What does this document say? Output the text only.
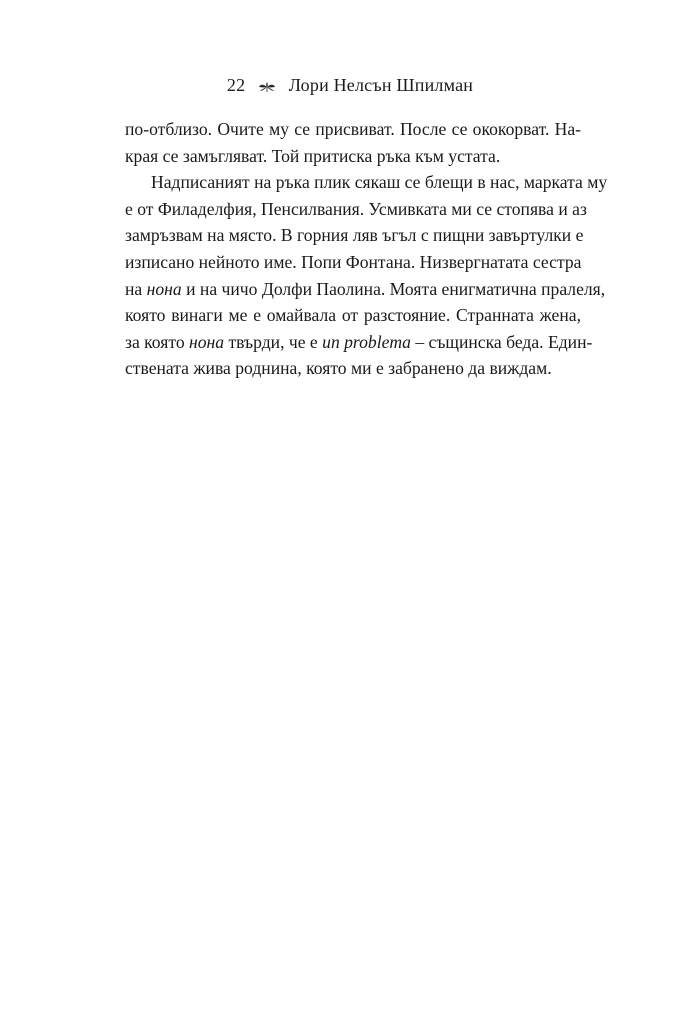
22 Лори Нелсън Шпилман

по-отблизо. Очите му се присвиват. После се ококорват. На-
края се замъгляват. Той притиска ръка към устата.

Надписаният на ръка плик сякаш се блещи в нас, марката му
е от Филаделфия, Пенсилвания. Усмивката ми се стопява и аз
замръзвам на място. В горния ляв ъгъл с пищни завъртулки е
изписано нейното име. Попи Фонтана. Низвергнатата сестра
на нона и на чичо Долфи Паолина. Моята енигматична пралеля,
която винаги ме е омайвала от разстояние. Странната жена,
за която нона твърди, че е un problema – същинска беда. Един-
ствената жива роднина, която ми е забранено да виждам.
